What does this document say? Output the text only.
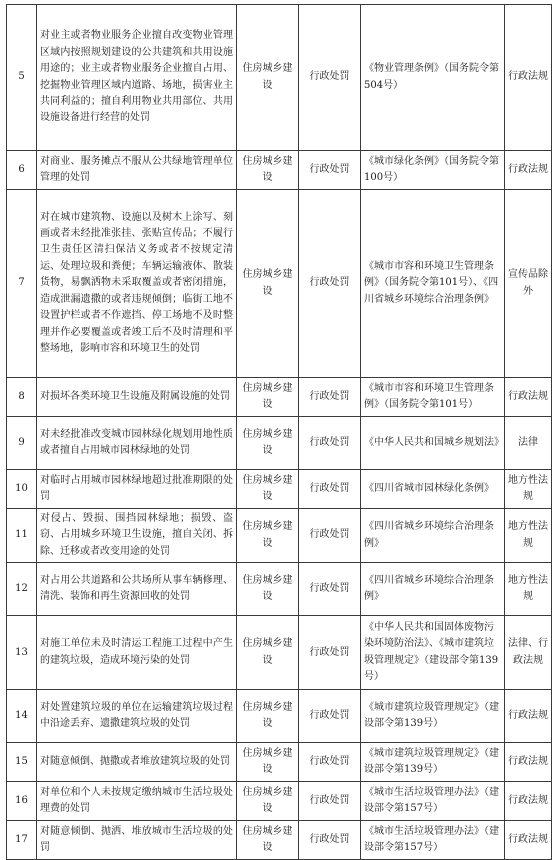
5	对业主或者物业服务企业擅自改变物业管理区域内按照规划建设的公共建筑和共用设施用途的；业主或者物业服务企业擅自占用、挖掘物业管理区域内道路、场地，损害业主共同利益的；擅自利用物业共用部位、共用设施设备进行经营的处罚	住房城乡建设	行政处罚	《物业管理条例》（国务院令第504号）	行政法规
6	对商业、服务摊点不服从公共绿地管理单位管理的处罚	住房城乡建设	行政处罚	《城市绿化条例》（国务院令第100号）	行政法规
7	对在城市建筑物、设施以及树木上涂写、刻画或者未经批准张挂、张贴宣传品；不履行卫生责任区清扫保洁义务或者不按规定清运、处理垃圾和粪便；车辆运输液体、散装货物，易飘洒物未采取覆盖或者密闭措施，造成泄漏遗撒的或者违规倾倒；临街工地不设置护栏或者不作遮挡、停工场地不及时整理并作必要覆盖或者竣工后不及时清理和平整场地，影响市容和环境卫生的处罚	住房城乡建设	行政处罚	《城市市容和环境卫生管理条例》（国务院令第101号）、《四川省城乡环境综合治理条例》	宣传品除外
8	对损坏各类环境卫生设施及附属设施的处罚	住房城乡建设	行政处罚	《城市市容和环境卫生管理条例》（国务院令第101号）	行政法规
9	对未经批准改变城市园林绿化规划用地性质或者擅自占用城市园林绿地的处罚	住房城乡建设	行政处罚	《中华人民共和国城乡规划法》	法律
10	对临时占用城市园林绿地超过批准期限的处罚	住房城乡建设	行政处罚	《四川省城市园林绿化条例》	地方性法规
11	对侵占、毁损、围挡园林绿地；损毁、盗窃、占用城乡环境卫生设施，擅自关闭、拆除、迁移或者改变用途的处罚	住房城乡建设	行政处罚	《四川省城乡环境综合治理条例》	地方性法规
12	对占用公共道路和公共场所从事车辆修理、清洗、装饰和再生资源回收的处罚	住房城乡建设	行政处罚	《四川省城乡环境综合治理条例》	地方性法规
13	对施工单位未及时清运工程施工过程中产生的建筑垃圾，造成环境污染的处罚	住房城乡建设	行政处罚	《中华人民共和国固体废物污染环境防治法》、《城市建筑垃圾管理规定》（建设部令第139号）	法律、行政法规
14	对处置建筑垃圾的单位在运输建筑垃圾过程中沿途丢弃、遗撒建筑垃圾的处罚	住房城乡建设	行政处罚	《城市建筑垃圾管理规定》（建设部令第139号）	行政法规
15	对随意倾倒、抛撒或者堆放建筑垃圾的处罚	住房城乡建设	行政处罚	《城市建筑垃圾管理规定》（建设部令第139号）	行政法规
16	对单位和个人未按规定缴纳城市生活垃圾处理费的处罚	住房城乡建设	行政处罚	《城市生活垃圾管理办法》（建设部令第157号）	行政法规
17	对随意倾倒、抛洒、堆放城市生活垃圾的处罚	住房城乡建设	行政处罚	《城市生活垃圾管理办法》（建设部令第157号）	行政法规
